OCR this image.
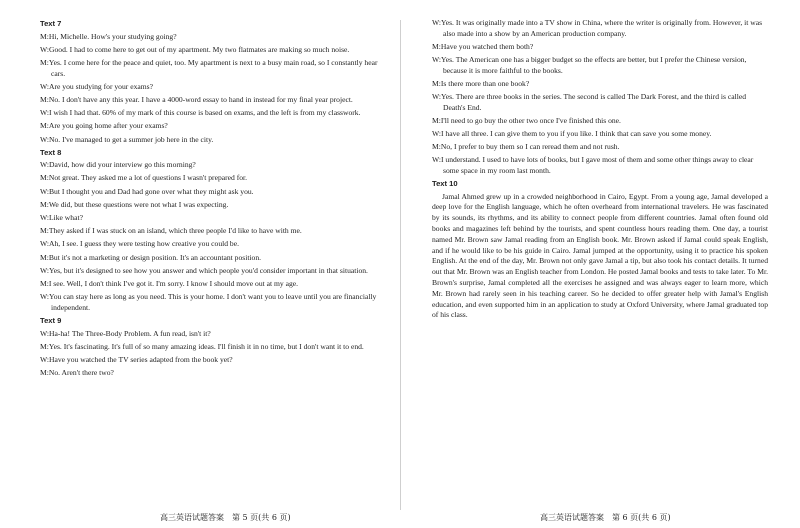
Text 7

M:Hi, Michelle. How's your studying going?

W:Good. I had to come here to get out of my apartment. My two flatmates are making so much noise.

M:Yes. I come here for the peace and quiet, too. My apartment is next to a busy main road, so I constantly hear cars.

W:Are you studying for your exams?

M:No. I don't have any this year. I have a 4000-word essay to hand in instead for my final year project.

W:I wish I had that. 60% of my mark of this course is based on exams, and the left is from my classwork.

M:Are you going home after your exams?

W:No. I've managed to get a summer job here in the city.

Text 8

W:David, how did your interview go this morning?

M:Not great. They asked me a lot of questions I wasn't prepared for.

W:But I thought you and Dad had gone over what they might ask you.

M:We did, but these questions were not what I was expecting.

W:Like what?

M:They asked if I was stuck on an island, which three people I'd like to have with me.

W:Ah, I see. I guess they were testing how creative you could be.

M:But it's not a marketing or design position. It's an accountant position.

W:Yes, but it's designed to see how you answer and which people you'd consider important in that situation.

M:I see. Well, I don't think I've got it. I'm sorry. I know I should move out at my age.

W:You can stay here as long as you need. This is your home. I don't want you to leave until you are financially independent.

Text 9

W:Ha-ha! The Three-Body Problem. A fun read, isn't it?

M:Yes. It's fascinating. It's full of so many amazing ideas. I'll finish it in no time, but I don't want it to end.

W:Have you watched the TV series adapted from the book yet?

M:No. Aren't there two?

W:Yes. It was originally made into a TV show in China, where the writer is originally from. However, it was also made into a show by an American production company.

M:Have you watched them both?

W:Yes. The American one has a bigger budget so the effects are better, but I prefer the Chinese version, because it is more faithful to the books.

M:Is there more than one book?

W:Yes. There are three books in the series. The second is called The Dark Forest, and the third is called Death's End.

M:I'll need to go buy the other two once I've finished this one.

W:I have all three. I can give them to you if you like. I think that can save you some money.

M:No, I prefer to buy them so I can reread them and not rush.

W:I understand. I used to have lots of books, but I gave most of them and some other things away to clear some space in my room last month.

Text 10

Jamal Ahmed grew up in a crowded neighborhood in Cairo, Egypt. From a young age, Jamal developed a deep love for the English language, which he often overheard from international travelers. He was fascinated by its sounds, its rhythms, and its ability to connect people from different countries. Jamal often found old books and magazines left behind by the tourists, and spent countless hours reading them. One day, a tourist named Mr. Brown saw Jamal reading from an English book. Mr. Brown asked if Jamal could speak English, and if he would like to be his guide in Cairo. Jamal jumped at the opportunity, using it to practice his spoken English. At the end of the day, Mr. Brown not only gave Jamal a tip, but also took his contact details. It turned out that Mr. Brown was an English teacher from London. He posted Jamal books and tests to take later. To Mr. Brown's surprise, Jamal completed all the exercises he assigned and was always eager to learn more, which Mr. Brown had rarely seen in his teaching career. So he decided to offer greater help with Jamal's English education, and even supported him in an application to study at Oxford University, where Jamal graduated top of his class.

高三英语试题答案　第 5 页(共 6 页)	高三英语试题答案　第 6 页(共 6 页)
